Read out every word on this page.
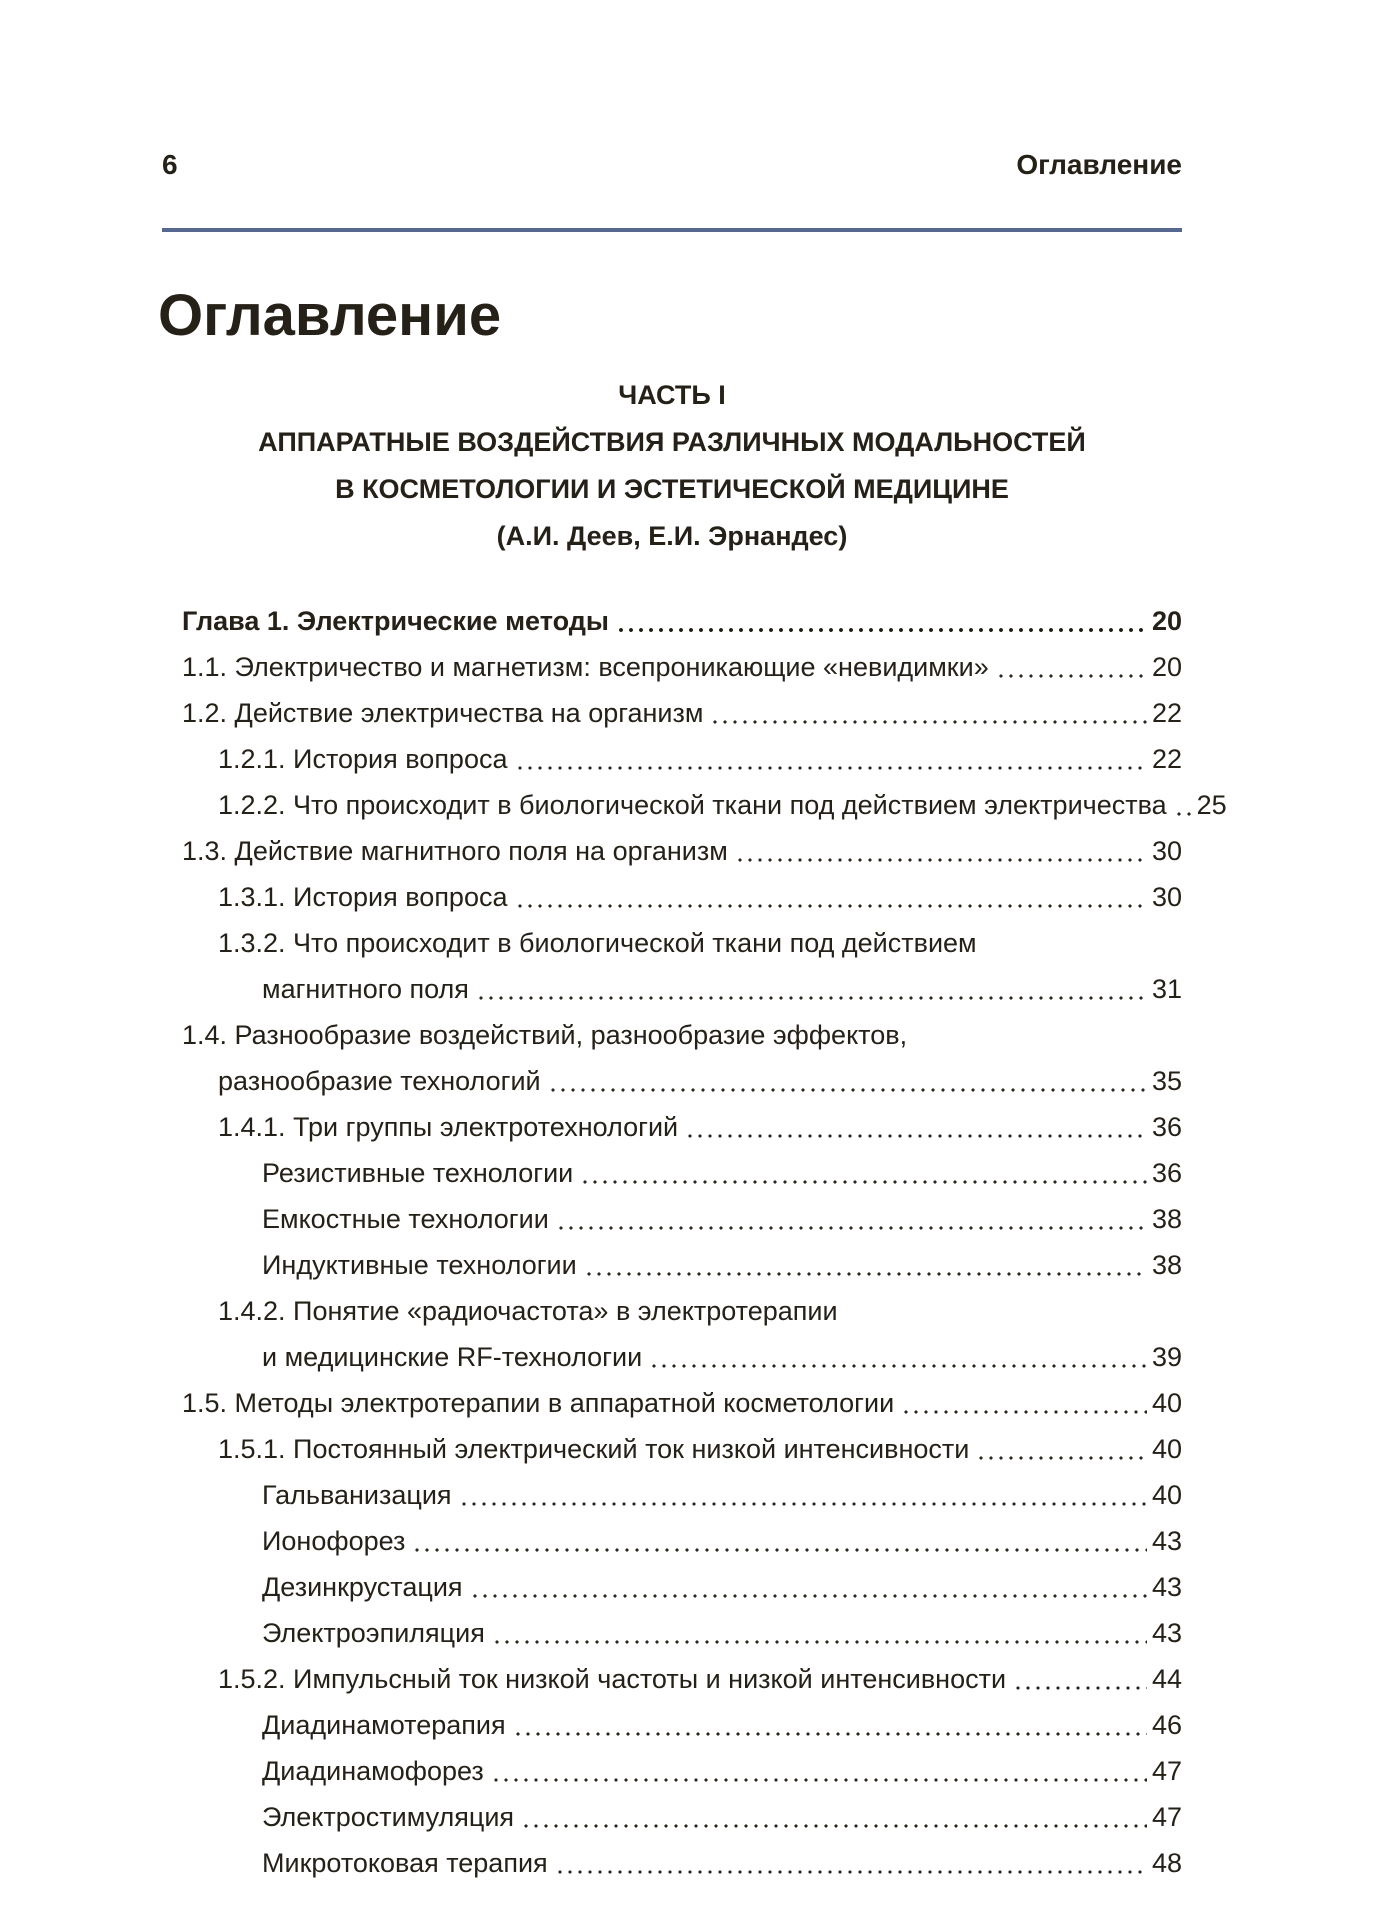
6	Оглавление
Оглавление
ЧАСТЬ I
АППАРАТНЫЕ ВОЗДЕЙСТВИЯ РАЗЛИЧНЫХ МОДАЛЬНОСТЕЙ
В КОСМЕТОЛОГИИ И ЭСТЕТИЧЕСКОЙ МЕДИЦИНЕ
(А.И. Деев, Е.И. Эрнандес)
Глава 1. Электрические методы	20
1.1. Электричество и магнетизм: всепроникающие «невидимки»	20
1.2. Действие электричества на организм	22
1.2.1. История вопроса	22
1.2.2. Что происходит в биологической ткани под действием электричества 25
1.3. Действие магнитного поля на организм	30
1.3.1. История вопроса	30
1.3.2. Что происходит в биологической ткани под действием
магнитного поля	31
1.4. Разнообразие воздействий, разнообразие эффектов,
разнообразие технологий	35
1.4.1. Три группы электротехнологий	36
Резистивные технологии	36
Емкостные технологии	38
Индуктивные технологии	38
1.4.2. Понятие «радиочастота» в электротерапии
и медицинские RF-технологии	39
1.5. Методы электротерапии в аппаратной косметологии	40
1.5.1. Постоянный электрический ток низкой интенсивности	40
Гальванизация	40
Ионофорез	43
Дезинкрустация	43
Электроэпиляция	43
1.5.2. Импульсный ток низкой частоты и низкой интенсивности	44
Диадинамотерапия	46
Диадинамофорез	47
Электростимуляция	47
Микротоковая терапия	48
